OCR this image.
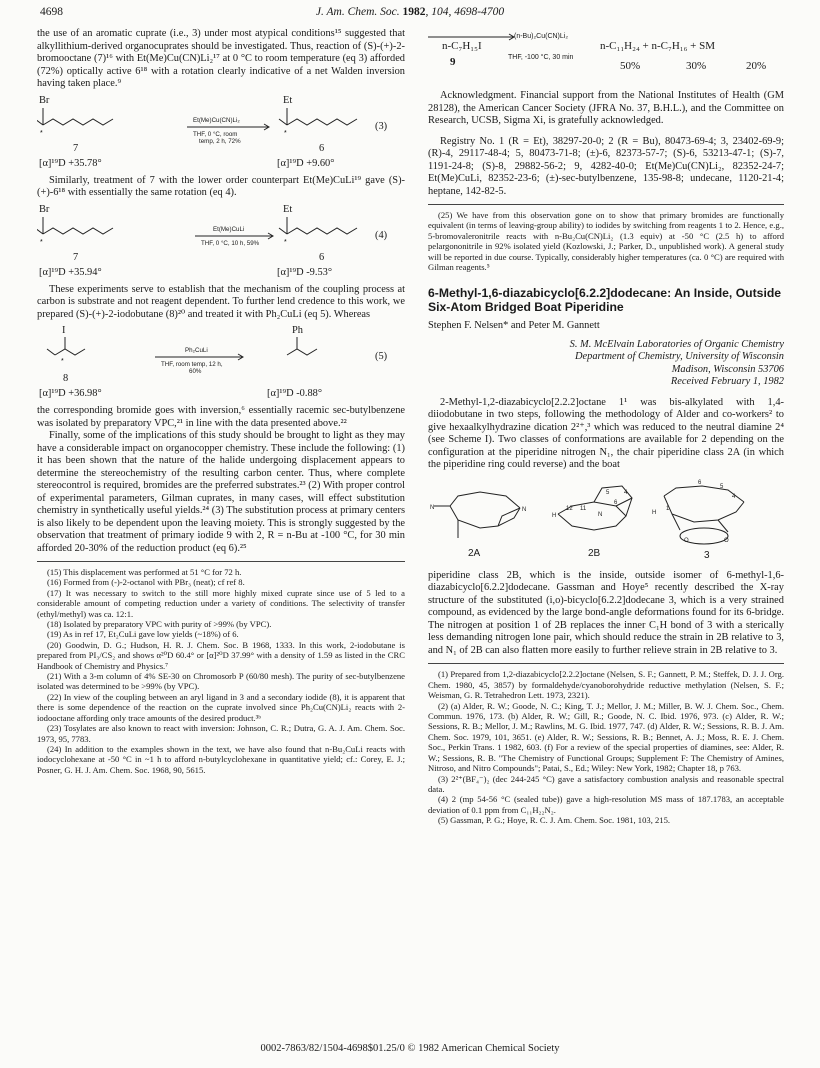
4698	J. Am. Chem. Soc. 1982, 104, 4698-4700

the use of an aromatic cuprate (i.e., 3) under most atypical conditions¹⁵ suggested that alkyllithium-derived organocuprates should be investigated. Thus, reaction of (S)-(+)-2-bromooctane (7)¹⁶ with Et(Me)Cu(CN)Li₂¹⁷ at 0 °C to room temperature (eq 3) afforded (72%) optically active 6¹⁸ with a rotation clearly indicative of a net Walden inversion having taken place.⁹

*	*
Br	Et
Et(Me)Cu(CN)Li₂
THF, 0 °C, room
temp, 2 h, 72%
(3)
7	6
[α]¹⁹D +35.78°	[α]¹⁹D +9.60°

Similarly, treatment of 7 with the lower order counterpart Et(Me)CuLi¹⁹ gave (S)-(+)-6¹⁸ with essentially the same rotation (eq 4).

*	*
Br	Et
Et(Me)CuLi
THF, 0 °C, 10 h, 59%
(4)
7	6
[α]¹⁹D +35.94°	[α]¹⁹D -9.53°

These experiments serve to establish that the mechanism of the coupling process at carbon is substrate and not reagent dependent. To further lend credence to this work, we prepared (S)-(+)-2-iodobutane (8)²⁰ and treated it with Ph₂CuLi (eq 5). Whereas

*
I	Ph
Ph₂CuLi
THF, room temp, 12 h,
60%
(5)
8
[α]¹⁹D +36.98°	[α]¹⁹D -0.88°

the corresponding bromide goes with inversion,⁶ essentially racemic sec-butylbenzene was isolated by preparatory VPC,²¹ in line with the data presented above.²²

Finally, some of the implications of this study should be brought to light as they may have a considerable impact on organocopper chemistry. These include the following: (1) it has been shown that the nature of the halide undergoing displacement appears to determine the stereochemistry of the resulting carbon center. Thus, where complete stereocontrol is required, bromides are the preferred substrates.²³ (2) With proper control of experimental parameters, Gilman cuprates, in many cases, will effect substitution chemistry in synthetically useful yields.²⁴ (3) The substitution process at primary centers is also likely to be dependent upon the leaving moiety. This is strongly suggested by the observation that treatment of primary iodide 9 with 2, R = n-Bu at -100 °C, for 30 min afforded 20-30% of the reduction product (eq 6).²⁵

(15) This displacement was performed at 51 °C for 72 h.

(16) Formed from (-)-2-octanol with PBr₃ (neat); cf ref 8.

(17) It was necessary to switch to the still more highly mixed cuprate since use of 5 led to a considerable amount of competing reduction under a variety of conditions. The selectivity of transfer (ethyl/methyl) was ca. 12:1.

(18) Isolated by preparatory VPC with purity of >99% (by VPC).

(19) As in ref 17, Et₂CuLi gave low yields (~18%) of 6.

(20) Goodwin, D. G.; Hudson, H. R. J. Chem. Soc. B 1968, 1333. In this work, 2-iodobutane is prepared from PI₃/CS₂ and shows α²⁰D 60.4° or [α]²⁰D 37.99° with a density of 1.59 as listed in the CRC Handbook of Chemistry and Physics.⁷

(21) With a 3-m column of 4% SE-30 on Chromosorb P (60/80 mesh). The purity of sec-butylbenzene isolated was determined to be >99% (by VPC).

(22) In view of the coupling between an aryl ligand in 3 and a secondary iodide (8), it is apparent that there is some dependence of the reaction on the cuprate involved since Ph₂Cu(CN)Li₂ reacts with 2-iodooctane affording only trace amounts of the desired product.³ᵇ

(23) Tosylates are also known to react with inversion: Johnson, C. R.; Dutra, G. A. J. Am. Chem. Soc. 1973, 95, 7783.

(24) In addition to the examples shown in the text, we have also found that n-Bu₂CuLi reacts with iodocyclohexane at -50 °C in ~1 h to afford n-butylcyclohexane in quantitative yield; cf.: Corey, E. J.; Posner, G. H. J. Am. Chem. Soc. 1968, 90, 5615.

n-C₇H₁₅I
9
(n-Bu)₂Cu(CN)Li₂
THF, -100 °C, 30 min
n-C₁₁H₂₄ + n-C₇H₁₆ + SM
50%	30%	20%

Acknowledgment. Financial support from the National Institutes of Health (GM 28128), the American Cancer Society (JFRA No. 37, B.H.L.), and the Committee on Research, UCSB, Sigma Xi, is gratefully acknowledged.

Registry No. 1 (R = Et), 38297-20-0; 2 (R = Bu), 80473-69-4; 3, 23402-69-9; (R)-4, 29117-48-4; 5, 80473-71-8; (±)-6, 82373-57-7; (S)-6, 53213-47-1; (S)-7, 1191-24-8; (S)-8, 29882-56-2; 9, 4282-40-0; Et(Me)Cu(CN)Li₂, 82352-24-7; Et(Me)CuLi, 82352-23-6; (±)-sec-butylbenzene, 135-98-8; undecane, 1120-21-4; heptane, 142-82-5.

(25) We have from this observation gone on to show that primary bromides are functionally equivalent (in terms of leaving-group ability) to iodides by switching from reagents 1 to 2. Hence, e.g., 5-bromovaleronitrile reacts with n-Bu₂Cu(CN)Li₂ (1.3 equiv) at -50 °C (2.5 h) to afford pelargononitrile in 92% isolated yield (Kozlowski, J.; Parker, D., unpublished work). A general study will be reported in due course. Typically, considerably higher temperatures (ca. 0 °C) are required with Gilman reagents.⁵

6-Methyl-1,6-diazabicyclo[6.2.2]dodecane: An Inside, Outside Six-Atom Bridged Boat Piperidine
Stephen F. Nelsen* and Peter M. Gannett
S. M. McElvain Laboratories of Organic Chemistry
Department of Chemistry, University of Wisconsin
Madison, Wisconsin 53706
Received February 1, 1982

2-Methyl-1,2-diazabicyclo[2.2.2]octane 1¹ was bis-alkylated with 1,4-diiodobutane in two steps, following the methodology of Alder and co-workers² to give hexaalkylhydrazine dication 2²⁺,³ which was reduced to the neutral diamine 2⁴ (see Scheme I). Two classes of conformations are available for 2 depending on the configuration at the piperidine nitrogen N₁, the chair piperidine class 2A (in which the piperidine ring could reverse) and the boat

N	N
H
12 11
N
5 4
6
H
1
6
5
4
O	O
2A	2B	3

piperidine class 2B, which is the inside, outside isomer of 6-methyl-1,6-diazabicyclo[6.2.2]dodecane. Gassman and Hoye⁵ recently described the X-ray structure of the substituted (i,o)-bicyclo[6.2.2]dodecane 3, which is a very strained compound, as evidenced by the large bond-angle deformations found for its 6-bridge. The nitrogen at position 1 of 2B replaces the inner C₁H bond of 3 with a sterically less demanding nitrogen lone pair, which should reduce the strain in 2B relative to 3, and N₁ of 2B can also flatten more easily to further relieve strain in 2B relative to 3.

(1) Prepared from 1,2-diazabicyclo[2.2.2]octane (Nelsen, S. F.; Gannett, P. M.; Steffek, D. J. J. Org. Chem. 1980, 45, 3857) by formaldehyde/cyanoborohydride reductive methylation (Nelsen, S. F.; Weisman, G. R. Tetrahedron Lett. 1973, 2321).

(2) (a) Alder, R. W.; Goode, N. C.; King, T. J.; Mellor, J. M.; Miller, B. W. J. Chem. Soc., Chem. Commun. 1976, 173. (b) Alder, R. W.; Gill, R.; Goode, N. C. Ibid. 1976, 973. (c) Alder, R. W.; Sessions, R. B.; Mellor, J. M.; Rawlins, M. G. Ibid. 1977, 747. (d) Alder, R. W.; Sessions, R. B. J. Am. Chem. Soc. 1979, 101, 3651. (e) Alder, R. W.; Sessions, R. B.; Bennet, A. J.; Moss, R. E. J. Chem. Soc., Perkin Trans. 1 1982, 603. (f) For a review of the special properties of diamines, see: Alder, R. W.; Sessions, R. B. "The Chemistry of Functional Groups; Supplement F: The Chemistry of Amines, Nitroso, and Nitro Compounds"; Patai, S., Ed.; Wiley: New York, 1982; Chapter 18, p 763.

(3) 2²⁺(BF₄⁻)₂ (dec 244-245 °C) gave a satisfactory combustion analysis and reasonable spectral data.

(4) 2 (mp 54-56 °C (sealed tube)) gave a high-resolution MS mass of 187.1783, an acceptable deviation of 0.1 ppm from C₁₁H₂₂N₂.

(5) Gassman, P. G.; Hoye, R. C. J. Am. Chem. Soc. 1981, 103, 215.

0002-7863/82/1504-4698$01.25/0 © 1982 American Chemical Society
